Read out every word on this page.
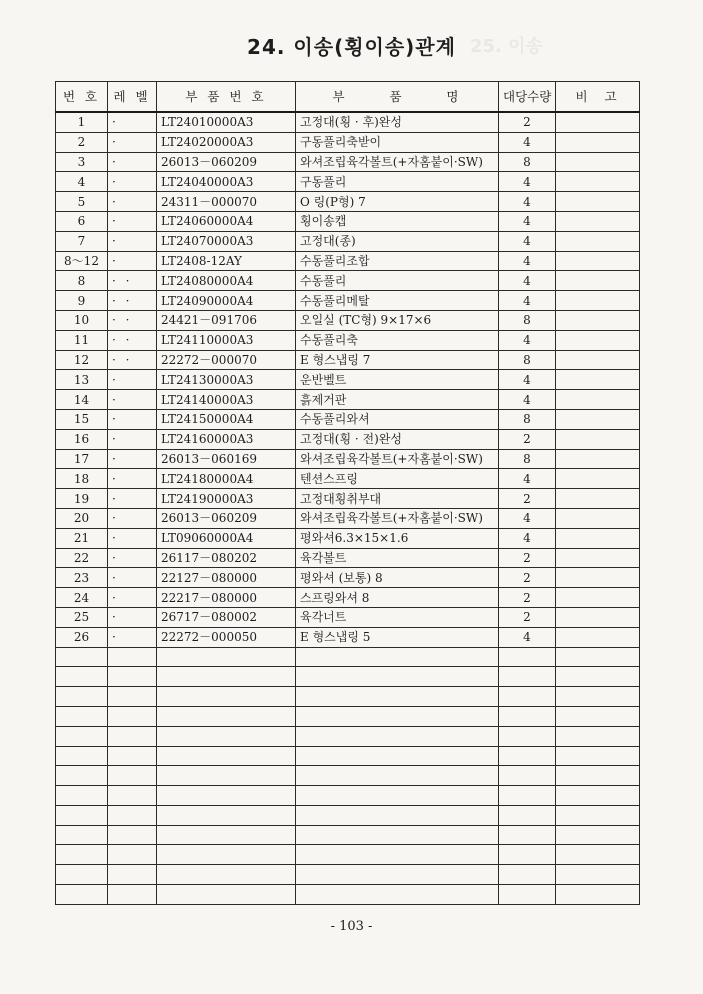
25. 이송
24. 이송(횡이송)관계
번 호	레 벨	부 품 번 호	부      품      명	대당수량	비  고
1	·	LT24010000A3	고정대(횡 · 후)완성	2	
2	·	LT24020000A3	구동풀리축받이	4	
3	·	26013－060209	와셔조립육각볼트(+자홈붙이·SW)	8	
4	·	LT24040000A3	구동풀리	4	
5	·	24311－000070	O 링(P형) 7	4	
6	·	LT24060000A4	횡이송캡	4	
7	·	LT24070000A3	고정대(종)	4	
8～12	·	LT2408-12AY	수동풀리조합	4	
8	· ·	LT24080000A4	수동풀리	4	
9	· ·	LT24090000A4	수동풀리메탈	4	
10	· ·	24421－091706	오일실 (TC형) 9×17×6	8	
11	· ·	LT24110000A3	수동풀리축	4	
12	· ·	22272－000070	E 형스냅링 7	8	
13	·	LT24130000A3	운반벨트	4	
14	·	LT24140000A3	흙제거판	4	
15	·	LT24150000A4	수동풀리와셔	8	
16	·	LT24160000A3	고정대(횡 · 전)완성	2	
17	·	26013－060169	와셔조립육각볼트(+자홈붙이·SW)	8	
18	·	LT24180000A4	텐션스프링	4	
19	·	LT24190000A3	고정대횡취부대	2	
20	·	26013－060209	와셔조립육각볼트(+자홈붙이·SW)	4	
21	·	LT09060000A4	평와셔6.3×15×1.6	4	
22	·	26117－080202	육각볼트	2	
23	·	22127－080000	평와셔 (보통) 8	2	
24	·	22217－080000	스프링와셔 8	2	
25	·	26717－080002	육각너트	2	
26	·	22272－000050	E 형스냅링 5	4	

- 103 -
